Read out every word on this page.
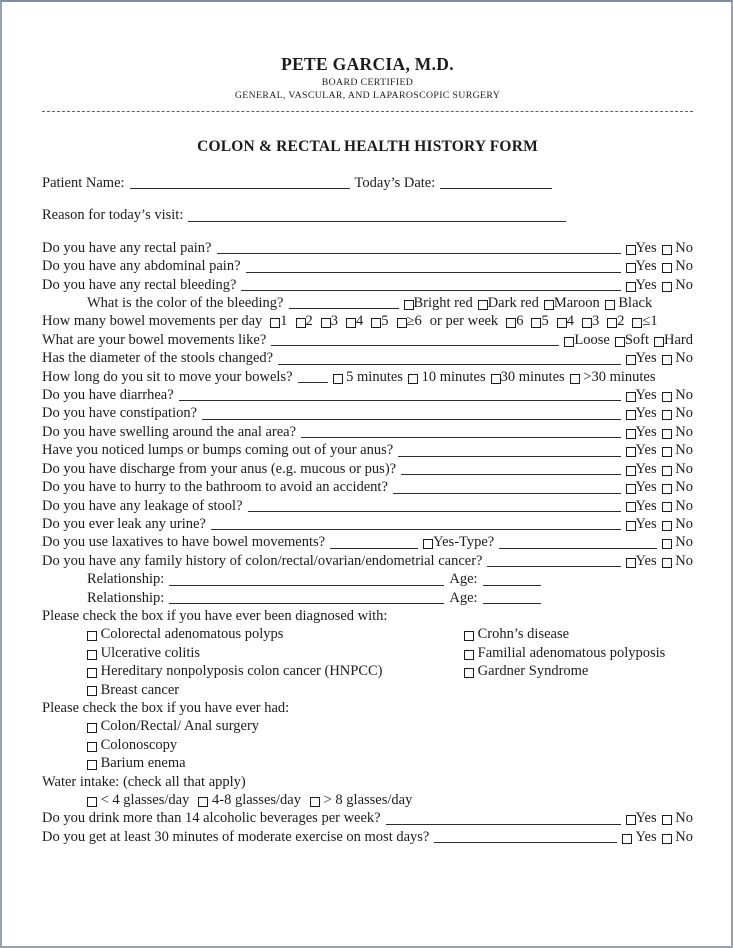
PETE GARCIA, M.D.
BOARD CERTIFIED
GENERAL, VASCULAR, AND LAPAROSCOPIC SURGERY
COLON & RECTAL HEALTH HISTORY FORM
Patient Name:	Today’s Date:
Reason for today’s visit:
Do you have any rectal pain?	Yes No
Do you have any abdominal pain?	Yes No
Do you have any rectal bleeding?	Yes No
What is the color of the bleeding?	Bright red Dark red Maroon Black
How many bowel movements per day 1 2 3 4 5 ≥6 or per week 6 5 4 3 2 ≤1
What are your bowel movements like?	Loose Soft Hard
Has the diameter of the stools changed?	Yes No
How long do you sit to move your bowels?	5 minutes 10 minutes 30 minutes >30 minutes
Do you have diarrhea?	Yes No
Do you have constipation?	Yes No
Do you have swelling around the anal area?	Yes No
Have you noticed lumps or bumps coming out of your anus?	Yes No
Do you have discharge from your anus (e.g. mucous or pus)?	Yes No
Do you have to hurry to the bathroom to avoid an accident?	Yes No
Do you have any leakage of stool?	Yes No
Do you ever leak any urine?	Yes No
Do you use laxatives to have bowel movements?	Yes-Type?	No
Do you have any family history of colon/rectal/ovarian/endometrial cancer?	Yes No
Relationship:	Age:
Relationship:	Age:
Please check the box if you have ever been diagnosed with:
Colorectal adenomatous polyps	Crohn’s disease
Ulcerative colitis	Familial adenomatous polyposis
Hereditary nonpolyposis colon cancer (HNPCC)	Gardner Syndrome
Breast cancer
Please check the box if you have ever had:
Colon/Rectal/ Anal surgery
Colonoscopy
Barium enema
Water intake: (check all that apply)
< 4 glasses/day 4-8 glasses/day > 8 glasses/day
Do you drink more than 14 alcoholic beverages per week?	Yes No
Do you get at least 30 minutes of moderate exercise on most days?	Yes No
